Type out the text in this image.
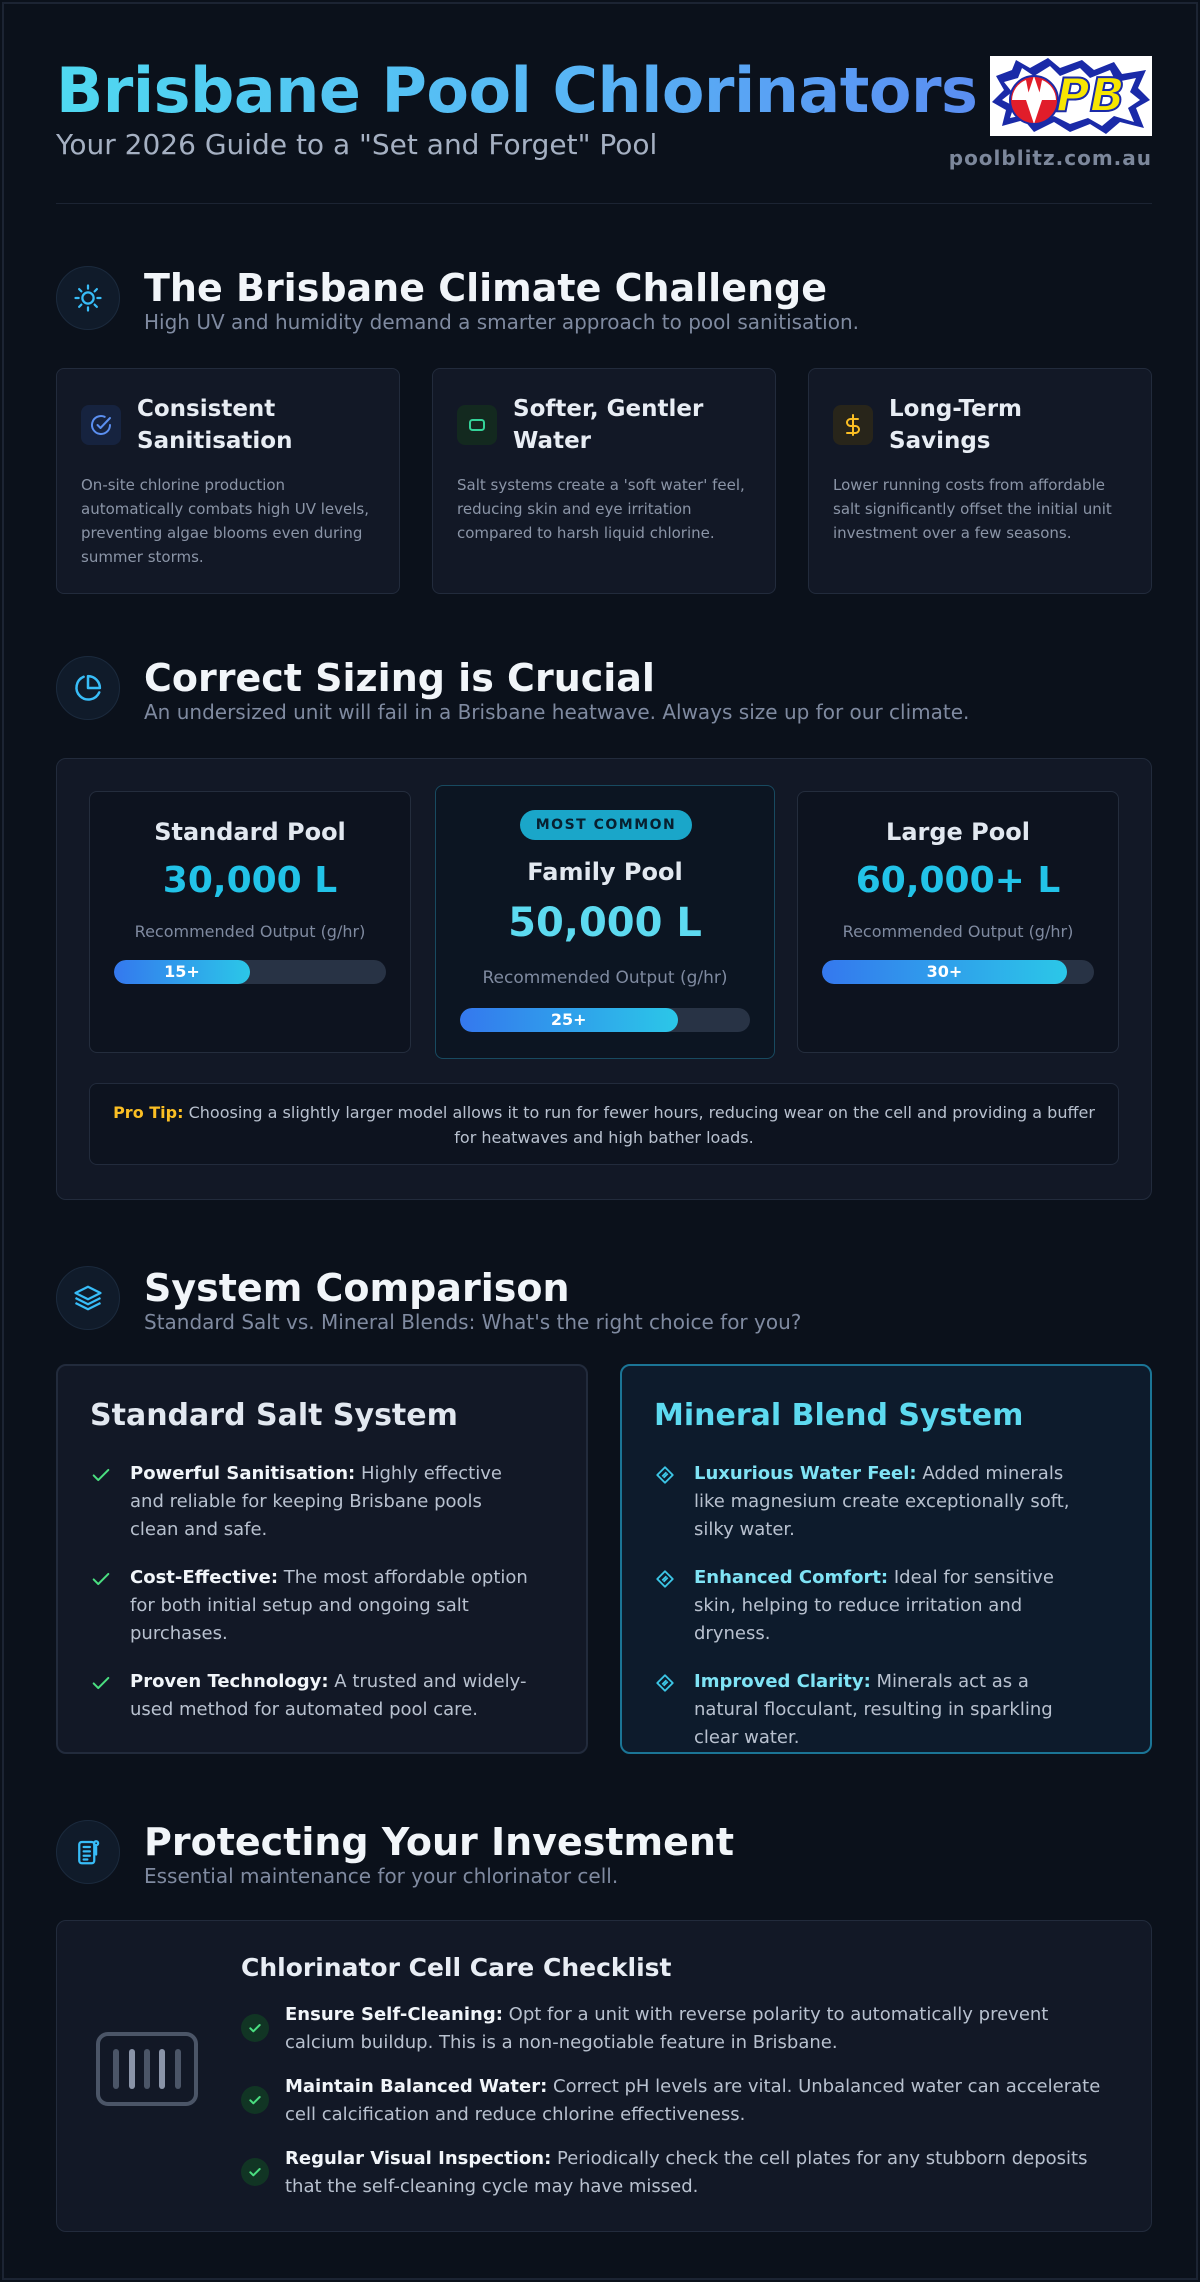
Brisbane Pool Chlorinators
Your 2026 Guide to a "Set and Forget" Pool
PB
poolblitz.com.au
The Brisbane Climate Challenge
High UV and humidity demand a smarter approach to pool sanitisation.
Consistent Sanitisation

On-site chlorine production automatically combats high UV levels, preventing algae blooms even during summer storms.

Softer, Gentler Water

Salt systems create a 'soft water' feel, reducing skin and eye irritation compared to harsh liquid chlorine.

Long-Term Savings

Lower running costs from affordable salt significantly offset the initial unit investment over a few seasons.

Correct Sizing is Crucial
An undersized unit will fail in a Brisbane heatwave. Always size up for our climate.
Standard Pool
30,000 L
Recommended Output (g/hr)
15+
MOST COMMON
Family Pool
50,000 L
Recommended Output (g/hr)
25+
Large Pool
60,000+ L
Recommended Output (g/hr)
30+
Pro Tip: Choosing a slightly larger model allows it to run for fewer hours, reducing wear on the cell and providing a buffer for heatwaves and high bather loads.
System Comparison
Standard Salt vs. Mineral Blends: What's the right choice for you?
Standard Salt System
Powerful Sanitisation: Highly effective and reliable for keeping Brisbane pools clean and safe.
Cost-Effective: The most affordable option for both initial setup and ongoing salt purchases.
Proven Technology: A trusted and widely-used method for automated pool care.
Mineral Blend System
Luxurious Water Feel: Added minerals like magnesium create exceptionally soft, silky water.
Enhanced Comfort: Ideal for sensitive skin, helping to reduce irritation and dryness.
Improved Clarity: Minerals act as a natural flocculant, resulting in sparkling clear water.
Protecting Your Investment
Essential maintenance for your chlorinator cell.
Chlorinator Cell Care Checklist
Ensure Self-Cleaning: Opt for a unit with reverse polarity to automatically prevent calcium buildup. This is a non-negotiable feature in Brisbane.
Maintain Balanced Water: Correct pH levels are vital. Unbalanced water can accelerate cell calcification and reduce chlorine effectiveness.
Regular Visual Inspection: Periodically check the cell plates for any stubborn deposits that the self-cleaning cycle may have missed.
